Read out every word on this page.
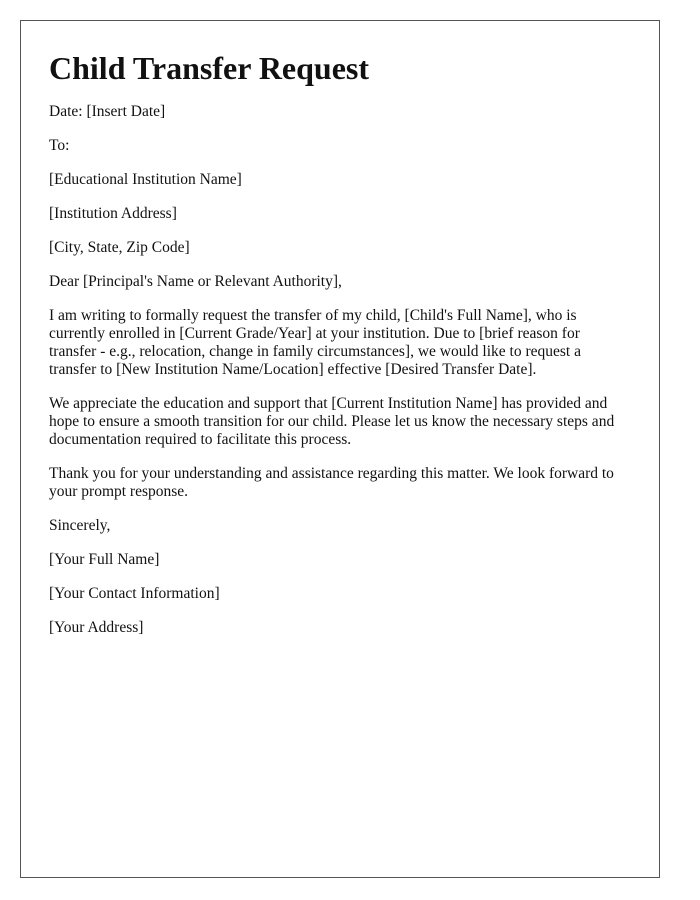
Child Transfer Request

Date: [Insert Date]

To:

[Educational Institution Name]

[Institution Address]

[City, State, Zip Code]

Dear [Principal's Name or Relevant Authority],

I am writing to formally request the transfer of my child, [Child's Full Name], who is currently enrolled in [Current Grade/Year] at your institution. Due to [brief reason for transfer - e.g., relocation, change in family circumstances], we would like to request a transfer to [New Institution Name/Location] effective [Desired Transfer Date].

We appreciate the education and support that [Current Institution Name] has provided and hope to ensure a smooth transition for our child. Please let us know the necessary steps and documentation required to facilitate this process.

Thank you for your understanding and assistance regarding this matter. We look forward to your prompt response.

Sincerely,

[Your Full Name]

[Your Contact Information]

[Your Address]
